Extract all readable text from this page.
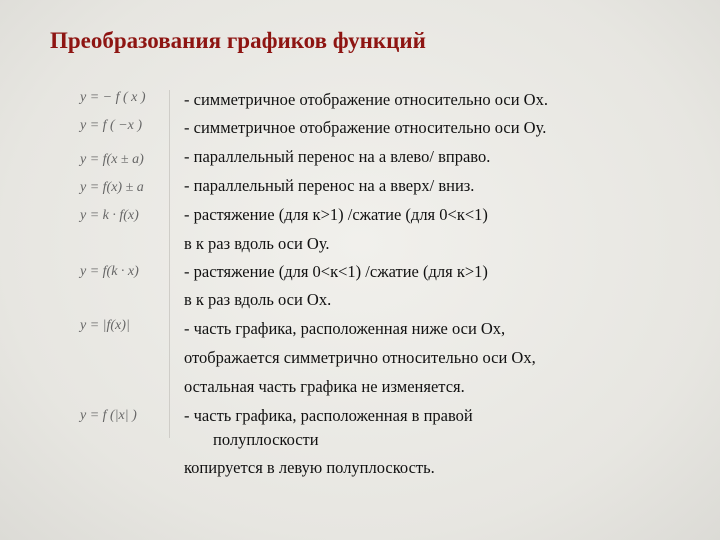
Преобразования графиков функций
y = − f ( x )
y = f ( −x )
y = f(x ± a)
y = f(x) ± a
y = k · f(x)
y = f(k · x)
y = |f(x)|
y = f (|x| )
- симметричное отображение относительно оси Ох.
- симметричное отображение относительно оси Оу.
- параллельный перенос на а влево/ вправо.
- параллельный перенос на а вверх/ вниз.
- растяжение (для к>1) /сжатие (для 0<к<1)
в к раз вдоль оси Оу.
- растяжение (для 0<к<1) /сжатие (для к>1)
в к раз вдоль оси Ох.
- часть графика, расположенная ниже оси Ох,
отображается симметрично относительно оси Ох,
остальная часть графика не изменяется.
- часть графика, расположенная в правой
полуплоскости
копируется в левую полуплоскость.
